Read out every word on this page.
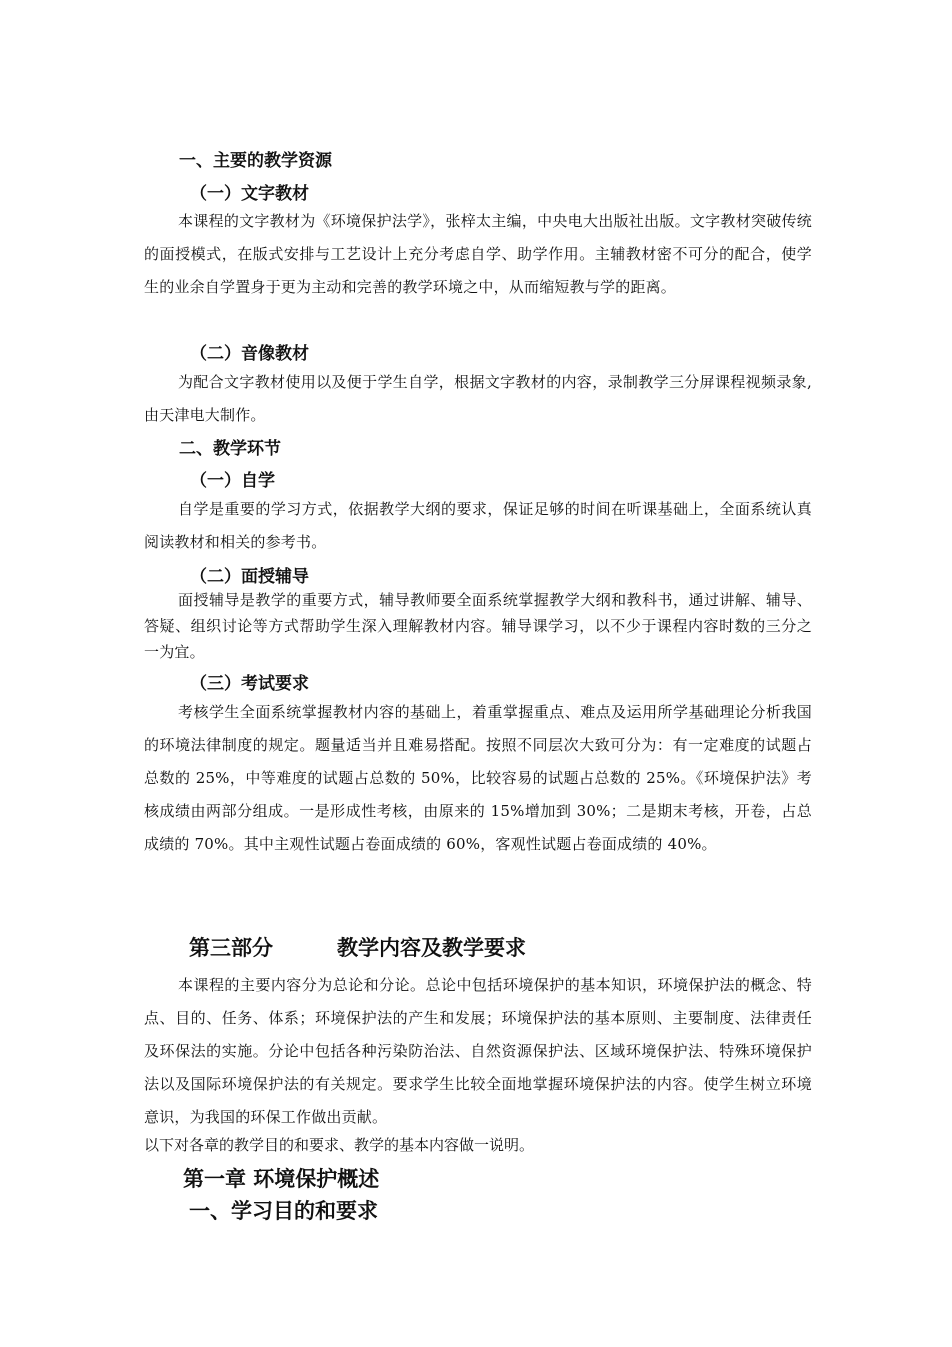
一、主要的教学资源
（一）文字教材

本课程的文字教材为《环境保护法学》，张梓太主编，中央电大出版社出版。文字教材突破传统的面授模式，在版式安排与工艺设计上充分考虑自学、助学作用。主辅教材密不可分的配合，使学生的业余自学置身于更为主动和完善的教学环境之中，从而缩短教与学的距离。

（二）音像教材

为配合文字教材使用以及便于学生自学，根据文字教材的内容，录制教学三分屏课程视频录象,由天津电大制作。

二、教学环节
（一）自学

自学是重要的学习方式，依据教学大纲的要求，保证足够的时间在听课基础上，全面系统认真阅读教材和相关的参考书。

（二）面授辅导

面授辅导是教学的重要方式，辅导教师要全面系统掌握教学大纲和教科书，通过讲解、辅导、答疑、组织讨论等方式帮助学生深入理解教材内容。辅导课学习，以不少于课程内容时数的三分之一为宜。

（三）考试要求

考核学生全面系统掌握教材内容的基础上，着重掌握重点、难点及运用所学基础理论分析我国的环境法律制度的规定。题量适当并且难易搭配。按照不同层次大致可分为：有一定难度的试题占总数的 25%，中等难度的试题占总数的 50%，比较容易的试题占总数的 25%。《环境保护法》考核成绩由两部分组成。一是形成性考核，由原来的 15%增加到 30%；二是期末考核，开卷，占总成绩的 70%。其中主观性试题占卷面成绩的 60%，客观性试题占卷面成绩的 40%。

第三部分	教学内容及教学要求

本课程的主要内容分为总论和分论。总论中包括环境保护的基本知识，环境保护法的概念、特点、目的、任务、体系；环境保护法的产生和发展；环境保护法的基本原则、主要制度、法律责任及环保法的实施。分论中包括各种污染防治法、自然资源保护法、区域环境保护法、特殊环境保护法以及国际环境保护法的有关规定。要求学生比较全面地掌握环境保护法的内容。使学生树立环境意识，为我国的环保工作做出贡献。

以下对各章的教学目的和要求、教学的基本内容做一说明。
第一章 环境保护概述
一、学习目的和要求
